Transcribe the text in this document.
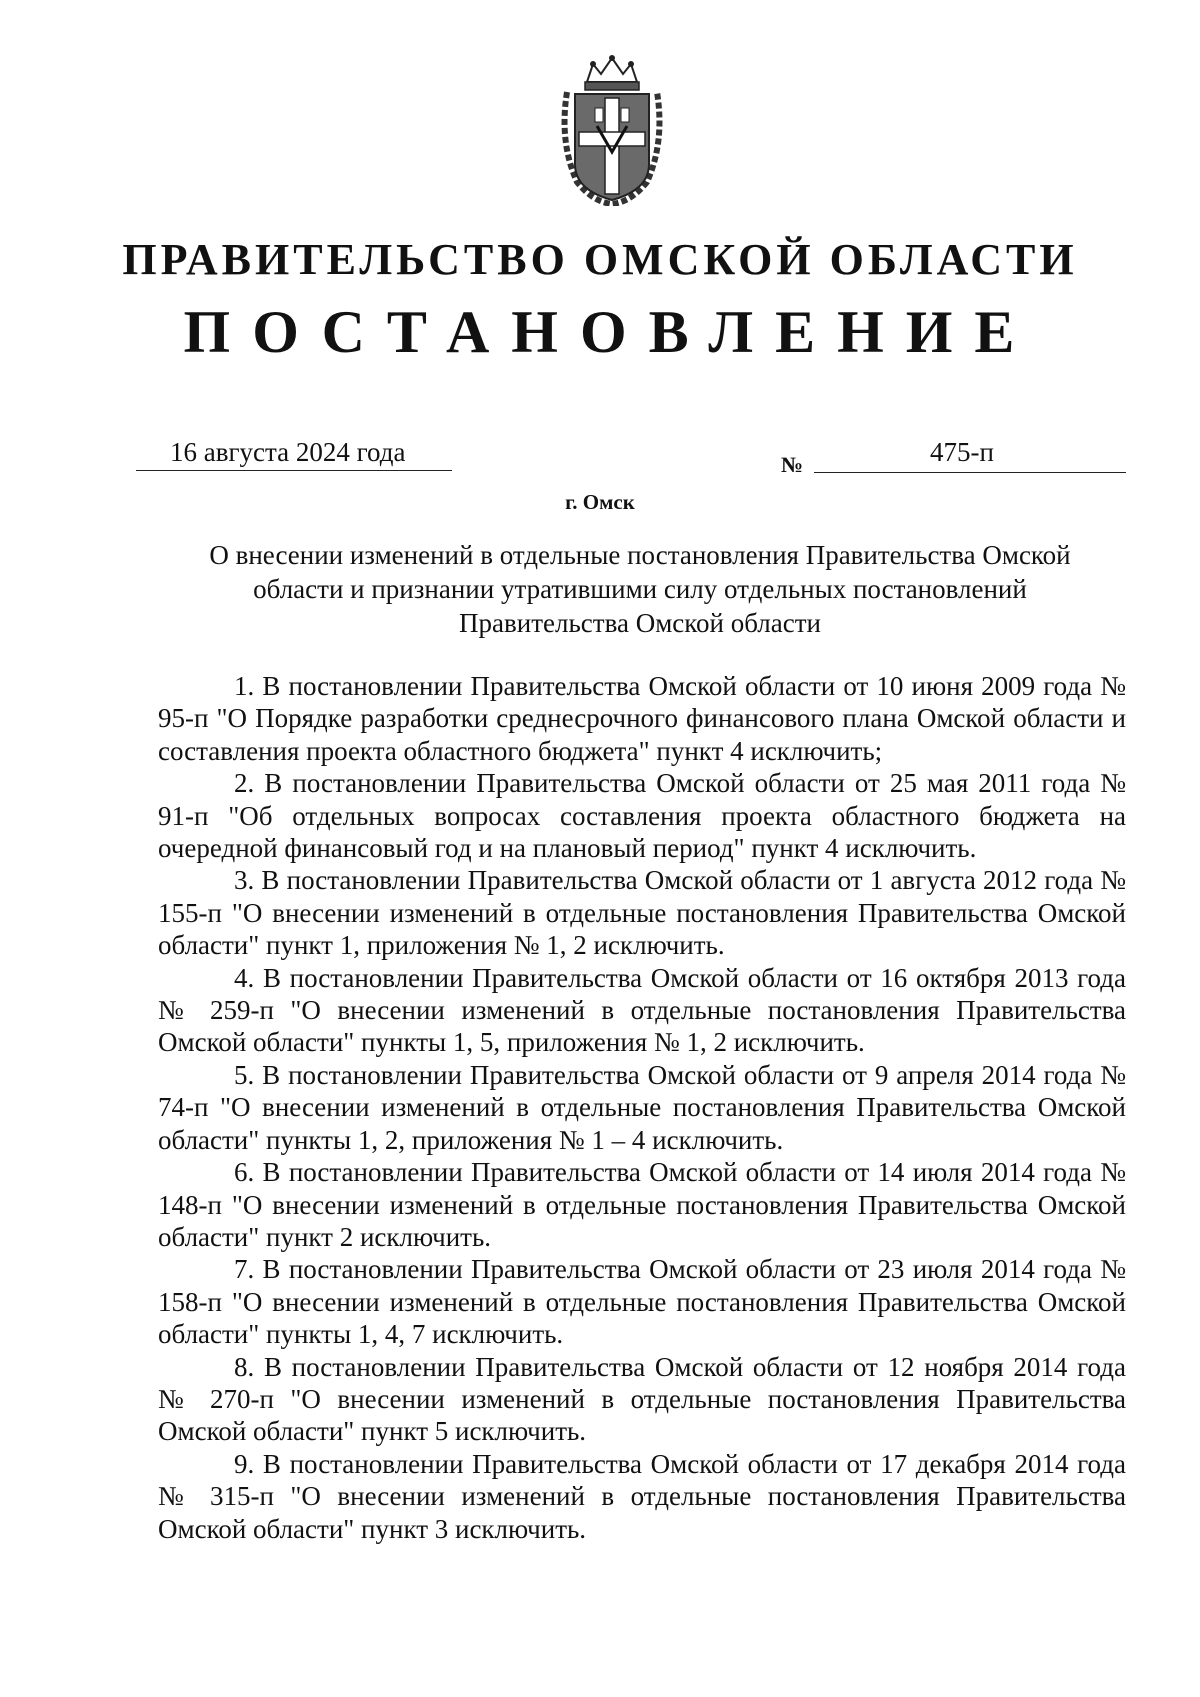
ПРАВИТЕЛЬСТВО ОМСКОЙ ОБЛАСТИ
ПОСТАНОВЛЕНИЕ
16 августа 2024 года	№	475-п
г. Омск
О внесении изменений в отдельные постановления Правительства Омской области и признании утратившими силу отдельных постановлений Правительства Омской области

1. В постановлении Правительства Омской области от 10 июня 2009 года № 95-п "О Порядке разработки среднесрочного финансового плана Омской области и составления проекта областного бюджета" пункт 4 исключить;

2. В постановлении Правительства Омской области от 25 мая 2011 года № 91-п "Об отдельных вопросах составления проекта областного бюджета на очередной финансовый год и на плановый период" пункт 4 исключить.

3. В постановлении Правительства Омской области от 1 августа 2012 года № 155-п "О внесении изменений в отдельные постановления Правительства Омской области" пункт 1, приложения № 1, 2 исключить.

4. В постановлении Правительства Омской области от 16 октября 2013 года № 259-п "О внесении изменений в отдельные постановления Правительства Омской области" пункты 1, 5, приложения № 1, 2 исключить.

5. В постановлении Правительства Омской области от 9 апреля 2014 года № 74-п "О внесении изменений в отдельные постановления Правительства Омской области" пункты 1, 2, приложения № 1 – 4 исключить.

6. В постановлении Правительства Омской области от 14 июля 2014 года № 148-п "О внесении изменений в отдельные постановления Правительства Омской области" пункт 2 исключить.

7. В постановлении Правительства Омской области от 23 июля 2014 года № 158-п "О внесении изменений в отдельные постановления Правительства Омской области" пункты 1, 4, 7 исключить.

8. В постановлении Правительства Омской области от 12 ноября 2014 года № 270-п "О внесении изменений в отдельные постановления Правительства Омской области" пункт 5 исключить.

9. В постановлении Правительства Омской области от 17 декабря 2014 года № 315-п "О внесении изменений в отдельные постановления Правительства Омской области" пункт 3 исключить.
